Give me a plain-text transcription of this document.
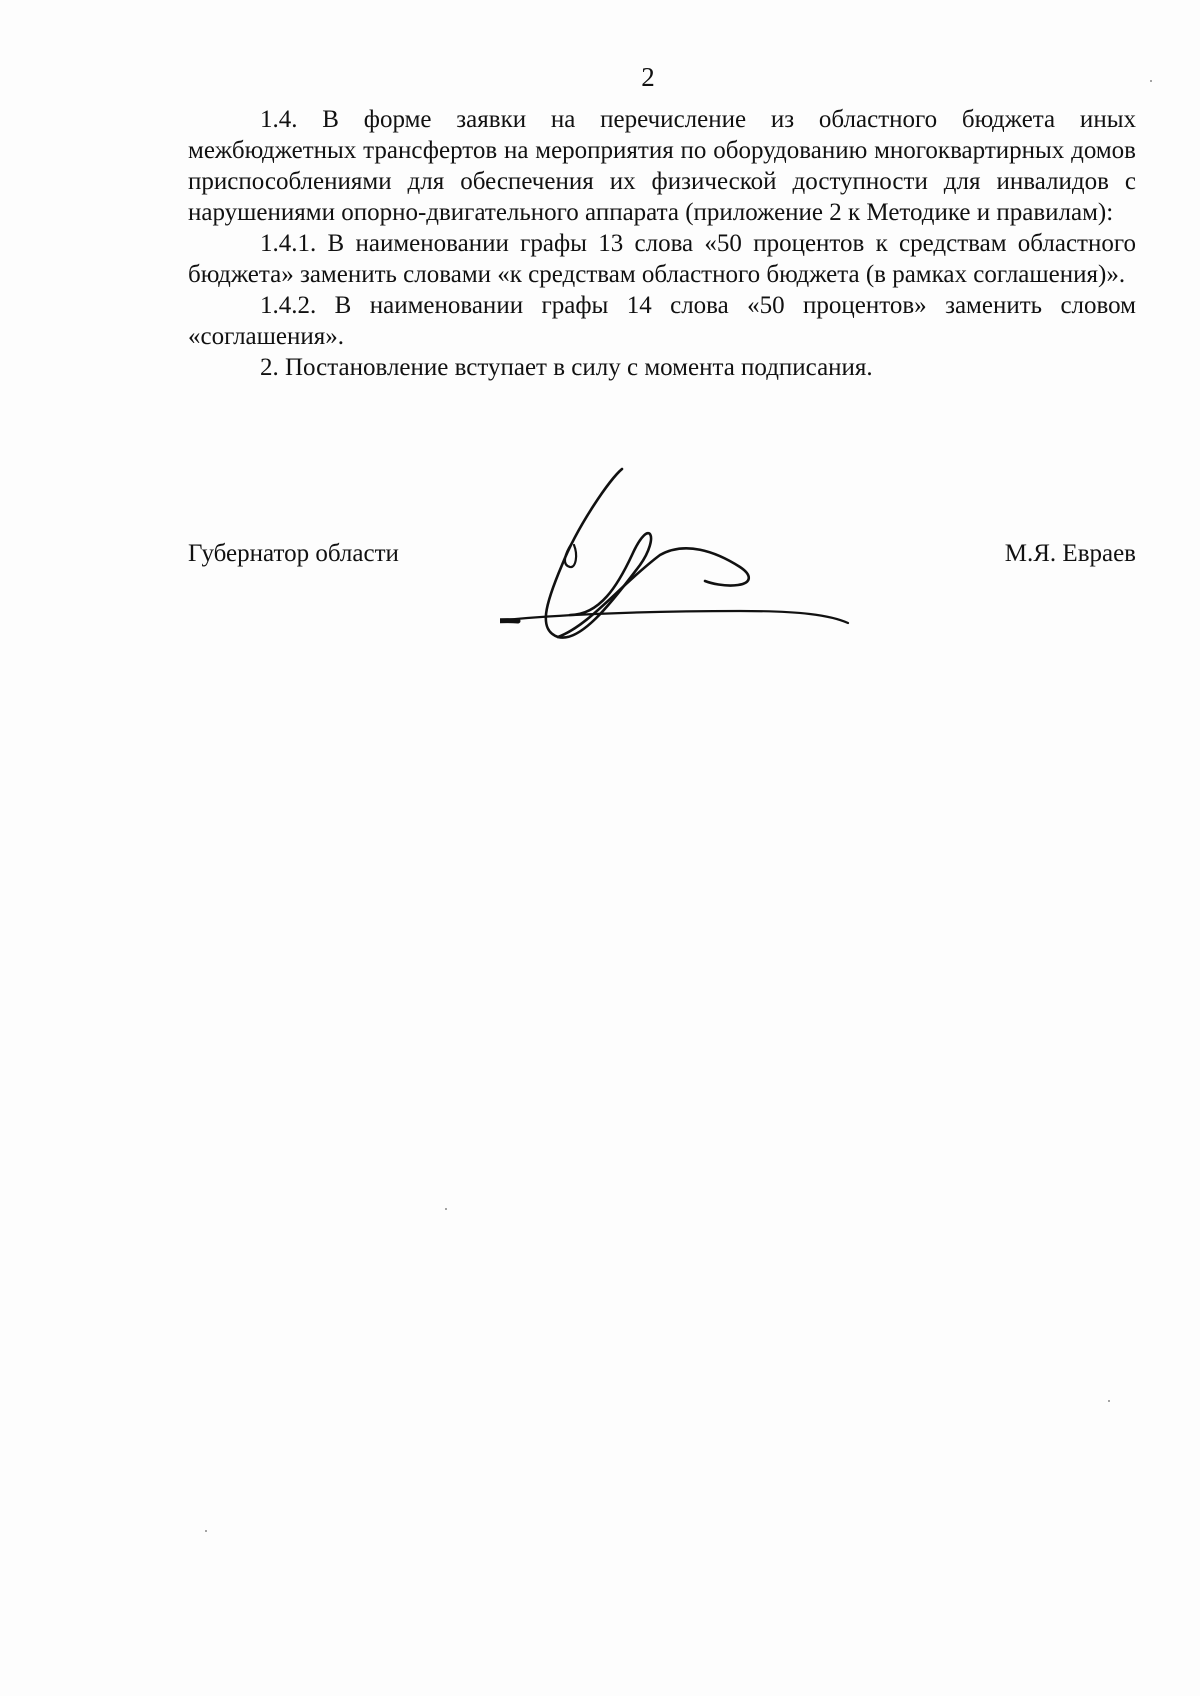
2

1.4. В форме заявки на перечисление из областного бюджета иных межбюджетных трансфертов на мероприятия по оборудованию многоквартирных домов приспособлениями для обеспечения их физической доступности для инвалидов с нарушениями опорно-двигательного аппарата (приложение 2 к Методике и правилам):

1.4.1. В наименовании графы 13 слова «50 процентов к средствам областного бюджета» заменить словами «к средствам областного бюджета (в рамках соглашения)».

1.4.2. В наименовании графы 14 слова «50 процентов» заменить словом «соглашения».

2. Постановление вступает в силу с момента подписания.

Губернатор области	М.Я. Евраев
